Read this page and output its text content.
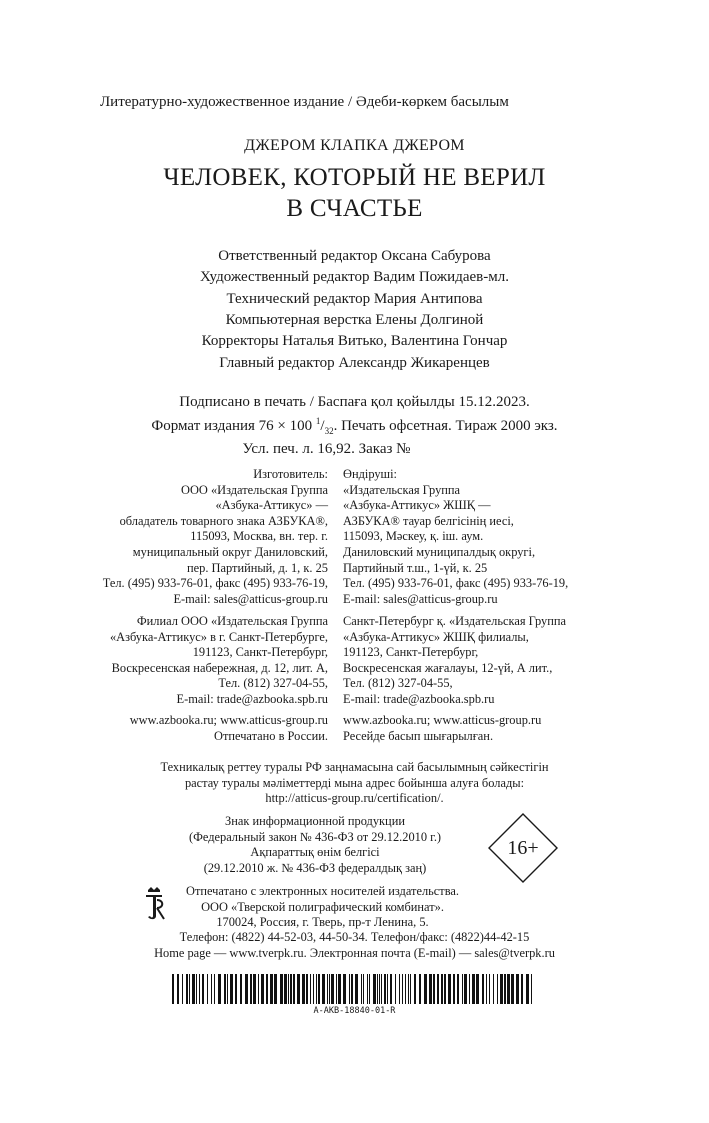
Литературно-художественное издание / Әдеби-көркем басылым
ДЖЕРОМ КЛАПКА ДЖЕРОМ
ЧЕЛОВЕК, КОТОРЫЙ НЕ ВЕРИЛ
В СЧАСТЬЕ
Ответственный редактор Оксана Сабурова
Художественный редактор Вадим Пожидаев-мл.
Технический редактор Мария Антипова
Компьютерная верстка Елены Долгиной
Корректоры Наталья Витько, Валентина Гончар
Главный редактор Александр Жикаренцев
Подписано в печать / Баспаға қол қойылды 15.12.2023.
Формат издания 76 × 100 $^1/_{32}$. Печать офсетная. Тираж 2000 экз.
Усл. печ. л. 16,92. Заказ №
Изготовитель:
ООО «Издательская Группа
«Азбука-Аттикус» —
обладатель товарного знака АЗБУКА®,
115093, Москва, вн. тер. г.
муниципальный округ Даниловский,
пер. Партийный, д. 1, к. 25
Тел. (495) 933-76-01, факс (495) 933-76-19,
E-mail: sales@atticus-group.ru
Өндіруші:
«Издательская Группа
«Азбука-Аттикус» ЖШҚ —
АЗБУКА® тауар белгісінің иесі,
115093, Мәскеу, қ. іш. аум.
Даниловский муниципалдық округі,
Партийный т.ш., 1-үй, к. 25
Тел. (495) 933-76-01, факс (495) 933-76-19,
E-mail: sales@atticus-group.ru
Филиал ООО «Издательская Группа
«Азбука-Аттикус» в г. Санкт-Петербурге,
191123, Санкт-Петербург,
Воскресенская набережная, д. 12, лит. А,
Тел. (812) 327-04-55,
E-mail: trade@azbooka.spb.ru
Санкт-Петербург қ. «Издательская Группа
«Азбука-Аттикус» ЖШҚ филиалы,
191123, Санкт-Петербург,
Воскресенская жағалауы, 12-үй, А лит.,
Тел. (812) 327-04-55,
E-mail: trade@azbooka.spb.ru
www.azbooka.ru; www.atticus-group.ru
Отпечатано в России.
www.azbooka.ru; www.atticus-group.ru
Ресейде басып шығарылған.
Техникалық реттеу туралы РФ заңнамасына сай басылымның сәйкестігін
растау туралы мәліметтерді мына адрес бойынша алуға болады:
http://atticus-group.ru/certification/.
Знак информационной продукции
(Федеральный закон № 436-ФЗ от 29.12.2010 г.)
Ақпараттық өнім белгісі
(29.12.2010 ж. № 436-ФЗ федералдық заң)
16+
Отпечатано с электронных носителей издательства.
ООО «Тверской полиграфический комбинат».
170024, Россия, г. Тверь, пр-т Ленина, 5.
Телефон: (4822) 44-52-03, 44-50-34. Телефон/факс: (4822)44-42-15
Home page — www.tverpk.ru. Электронная почта (E-mail) — sales@tverpk.ru
А-АКВ-18840-01-R
